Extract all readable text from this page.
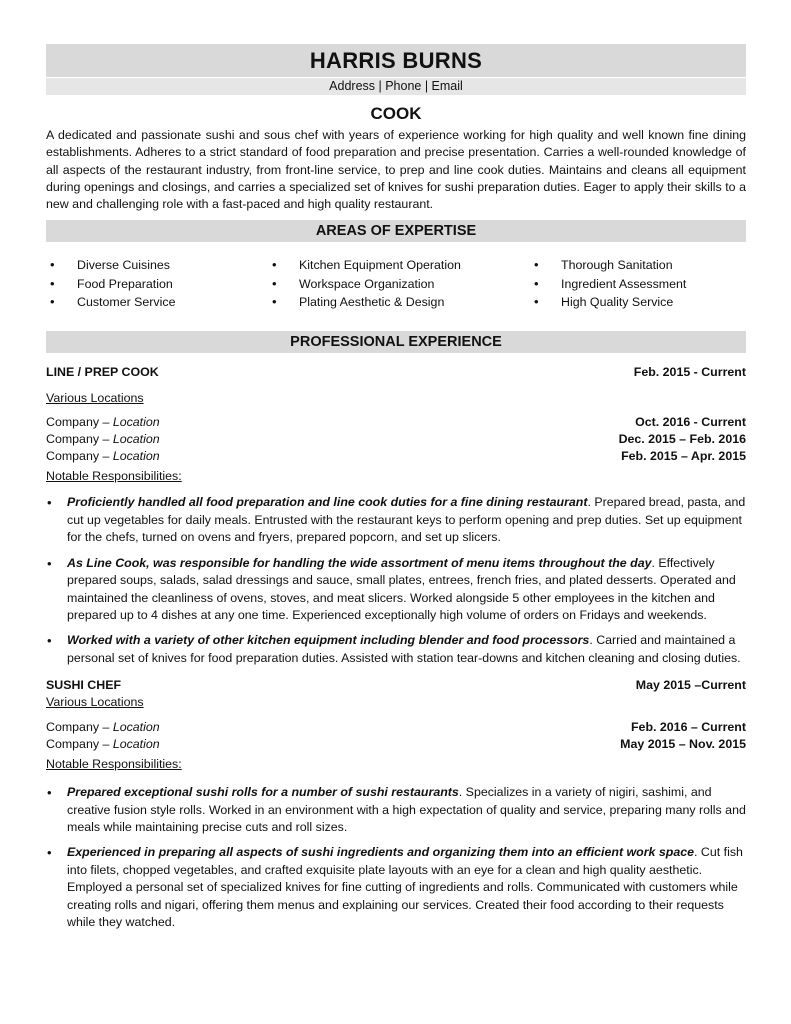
HARRIS BURNS
Address | Phone | Email
COOK
A dedicated and passionate sushi and sous chef with years of experience working for high quality and well known fine dining establishments. Adheres to a strict standard of food preparation and precise presentation. Carries a well-rounded knowledge of all aspects of the restaurant industry, from front-line service, to prep and line cook duties. Maintains and cleans all equipment during openings and closings, and carries a specialized set of knives for sushi preparation duties. Eager to apply their skills to a new and challenging role with a fast-paced and high quality restaurant.
AREAS OF EXPERTISE
• Diverse Cuisines
• Food Preparation
• Customer Service
• Kitchen Equipment Operation
• Workspace Organization
• Plating Aesthetic & Design
• Thorough Sanitation
• Ingredient Assessment
• High Quality Service
PROFESSIONAL EXPERIENCE
LINE / PREP COOK	Feb. 2015 - Current
Various Locations
Company – Location	Oct. 2016 - Current
Company – Location	Dec. 2015 – Feb. 2016
Company – Location	Feb. 2015 – Apr. 2015
Notable Responsibilities:
• Proficiently handled all food preparation and line cook duties for a fine dining restaurant. Prepared bread, pasta, and cut up vegetables for daily meals. Entrusted with the restaurant keys to perform opening and prep duties. Set up equipment for the chefs, turned on ovens and fryers, prepared popcorn, and set up slicers.
• As Line Cook, was responsible for handling the wide assortment of menu items throughout the day. Effectively prepared soups, salads, salad dressings and sauce, small plates, entrees, french fries, and plated desserts. Operated and maintained the cleanliness of ovens, stoves, and meat slicers. Worked alongside 5 other employees in the kitchen and prepared up to 4 dishes at any one time. Experienced exceptionally high volume of orders on Fridays and weekends.
• Worked with a variety of other kitchen equipment including blender and food processors. Carried and maintained a personal set of knives for food preparation duties. Assisted with station tear-downs and kitchen cleaning and closing duties.
SUSHI CHEF	May 2015 –Current
Various Locations
Company – Location	Feb. 2016 – Current
Company – Location	May 2015 – Nov. 2015
Notable Responsibilities:
• Prepared exceptional sushi rolls for a number of sushi restaurants. Specializes in a variety of nigiri, sashimi, and creative fusion style rolls. Worked in an environment with a high expectation of quality and service, preparing many rolls and meals while maintaining precise cuts and roll sizes.
• Experienced in preparing all aspects of sushi ingredients and organizing them into an efficient work space. Cut fish into filets, chopped vegetables, and crafted exquisite plate layouts with an eye for a clean and high quality aesthetic. Employed a personal set of specialized knives for fine cutting of ingredients and rolls. Communicated with customers while creating rolls and nigari, offering them menus and explaining our services. Created their food according to their requests while they watched.
